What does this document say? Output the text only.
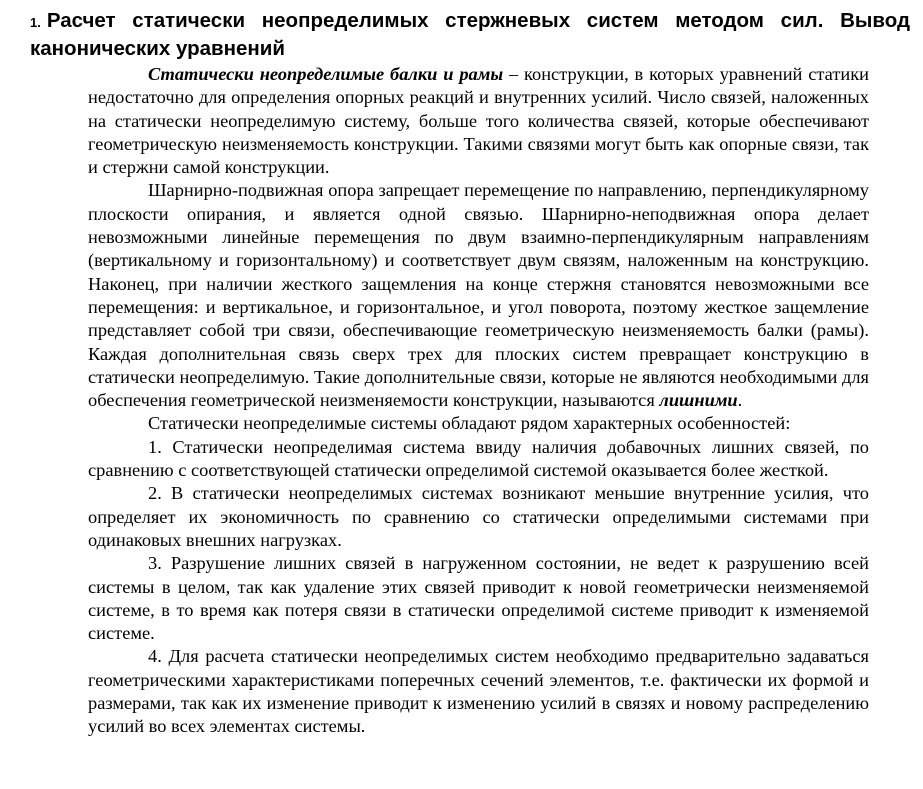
1. Расчет статически неопределимых стержневых систем методом сил. Вывод канонических уравнений

Статически неопределимые балки и рамы – конструкции, в которых уравнений статики недостаточно для определения опорных реакций и внутренних усилий. Число связей, наложенных на статически неопределимую систему, больше того количества связей, которые обеспечивают геометрическую неизменяемость конструкции. Такими связями могут быть как опорные связи, так и стержни самой конструкции.

Шарнирно-подвижная опора запрещает перемещение по направлению, перпендикулярному плоскости опирания, и является одной связью. Шарнирно-неподвижная опора делает невозможными линейные перемещения по двум взаимно-перпендикулярным направлениям (вертикальному и горизонтальному) и соответствует двум связям, наложенным на конструкцию. Наконец, при наличии жесткого защемления на конце стержня становятся невозможными все перемещения: и вертикальное, и горизонтальное, и угол поворота, поэтому жесткое защемление представляет собой три связи, обеспечивающие геометрическую неизменяемость балки (рамы). Каждая дополнительная связь сверх трех для плоских систем превращает конструкцию в статически неопределимую. Такие дополнительные связи, которые не являются необходимыми для обеспечения геометрической неизменяемости конструкции, называются лишними.

Статически неопределимые системы обладают рядом характерных особенностей:

1. Статически неопределимая система ввиду наличия добавочных лишних связей, по сравнению с соответствующей статически определимой системой оказывается более жесткой.

2. В статически неопределимых системах возникают меньшие внутренние усилия, что определяет их экономичность по сравнению со статически определимыми системами при одинаковых внешних нагрузках.

3. Разрушение лишних связей в нагруженном состоянии, не ведет к разрушению всей системы в целом, так как удаление этих связей приводит к новой геометрически неизменяемой системе, в то время как потеря связи в статически определимой системе приводит к изменяемой системе.

4. Для расчета статически неопределимых систем необходимо предварительно задаваться геометрическими характеристиками поперечных сечений элементов, т.е. фактически их формой и размерами, так как их изменение приводит к изменению усилий в связях и новому распределению усилий во всех элементах системы.
